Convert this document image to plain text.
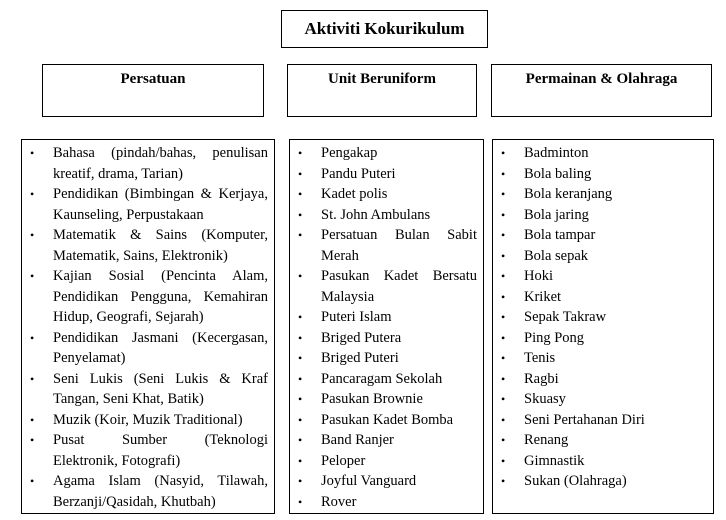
Aktiviti Kokurikulum
Persatuan	Unit Beruniform	Permainan & Olahraga
• Bahasa (pindah/bahas, penulisan kreatif, drama, Tarian)
• Pendidikan (Bimbingan & Kerjaya, Kaunseling, Perpustakaan
• Matematik & Sains (Komputer, Matematik, Sains, Elektronik)
• Kajian Sosial (Pencinta Alam, Pendidikan Pengguna, Kemahiran Hidup, Geografi, Sejarah)
• Pendidikan Jasmani (Kecergasan, Penyelamat)
• Seni Lukis (Seni Lukis & Kraf Tangan, Seni Khat, Batik)
• Muzik (Koir, Muzik Traditional)
• Pusat Sumber (Teknologi Elektronik, Fotografi)
• Agama Islam (Nasyid, Tilawah, Berzanji/Qasidah, Khutbah)
• Pengakap
• Pandu Puteri
• Kadet polis
• St. John Ambulans
• Persatuan Bulan Sabit Merah
• Pasukan Kadet Bersatu Malaysia
• Puteri Islam
• Briged Putera
• Briged Puteri
• Pancaragam Sekolah
• Pasukan Brownie
• Pasukan Kadet Bomba
• Band Ranjer
• Peloper
• Joyful Vanguard
• Rover
• Badminton
• Bola baling
• Bola keranjang
• Bola jaring
• Bola tampar
• Bola sepak
• Hoki
• Kriket
• Sepak Takraw
• Ping Pong
• Tenis
• Ragbi
• Skuasy
• Seni Pertahanan Diri
• Renang
• Gimnastik
• Sukan (Olahraga)
